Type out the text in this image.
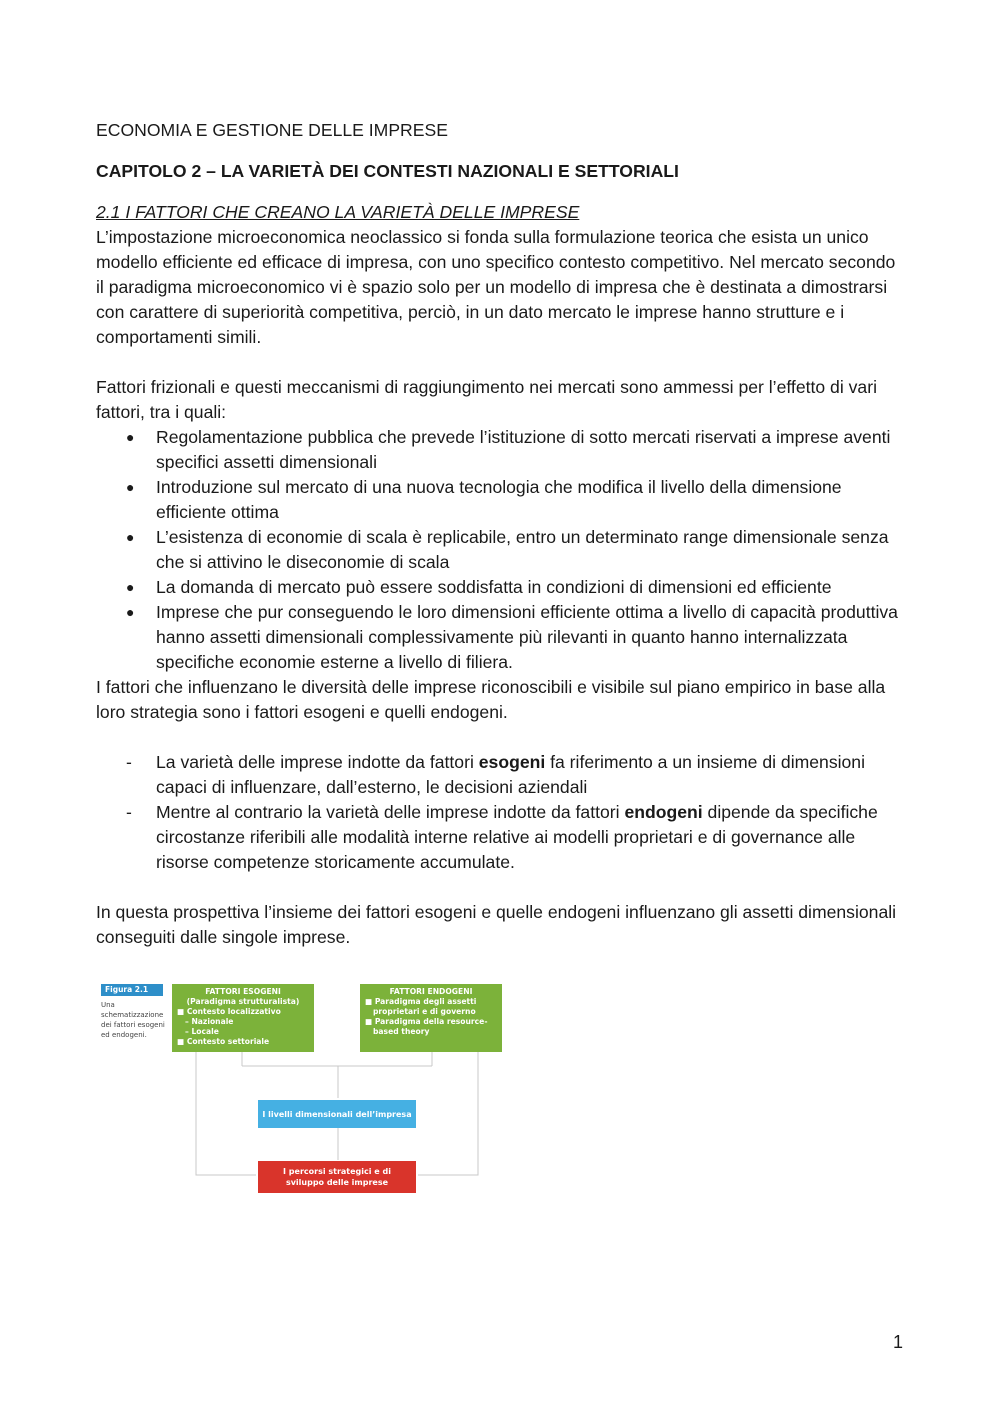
ECONOMIA E GESTIONE DELLE IMPRESE
CAPITOLO 2 – LA VARIETÀ DEI CONTESTI NAZIONALI E SETTORIALI
2.1 I FATTORI CHE CREANO LA VARIETÀ DELLE IMPRESE

L’impostazione microeconomica neoclassico si fonda sulla formulazione teorica che esista un unico modello efficiente ed efficace di impresa, con uno specifico contesto competitivo. Nel mercato secondo il paradigma microeconomico vi è spazio solo per un modello di impresa che è destinata a dimostrarsi con carattere di superiorità competitiva, perciò, in un dato mercato le imprese hanno strutture e i comportamenti simili.

Fattori frizionali e questi meccanismi di raggiungimento nei mercati sono ammessi per l’effetto di vari fattori, tra i quali:

● Regolamentazione pubblica che prevede l’istituzione di sotto mercati riservati a imprese aventi specifici assetti dimensionali
● Introduzione sul mercato di una nuova tecnologia che modifica il livello della dimensione efficiente ottima
● L’esistenza di economie di scala è replicabile, entro un determinato range dimensionale senza che si attivino le diseconomie di scala
● La domanda di mercato può essere soddisfatta in condizioni di dimensioni ed efficiente
● Imprese che pur conseguendo le loro dimensioni efficiente ottima a livello di capacità produttiva hanno assetti dimensionali complessivamente più rilevanti in quanto hanno internalizzata specifiche economie esterne a livello di filiera.

I fattori che influenzano le diversità delle imprese riconoscibili e visibile sul piano empirico in base alla loro strategia sono i fattori esogeni e quelli endogeni.

- La varietà delle imprese indotte da fattori esogeni fa riferimento a un insieme di dimensioni capaci di influenzare, dall’esterno, le decisioni aziendali
- Mentre al contrario la varietà delle imprese indotte da fattori endogeni dipende da specifiche circostanze riferibili alle modalità interne relative ai modelli proprietari e di governance alle risorse competenze storicamente accumulate.

In questa prospettiva l’insieme dei fattori esogeni e quelle endogeni influenzano gli assetti dimensionali conseguiti dalle singole imprese.

Figura 2.1
Una schematizzazione dei fattori esogeni ed endogeni.
FATTORI ESOGENI
(Paradigma strutturalista)
■ Contesto localizzativo
– Nazionale
– Locale
■ Contesto settoriale
FATTORI ENDOGENI
■ Paradigma degli assetti
proprietari e di governo
■ Paradigma della resource-
based theory
I livelli dimensionali dell’impresa
I percorsi strategici e di sviluppo delle imprese
1
